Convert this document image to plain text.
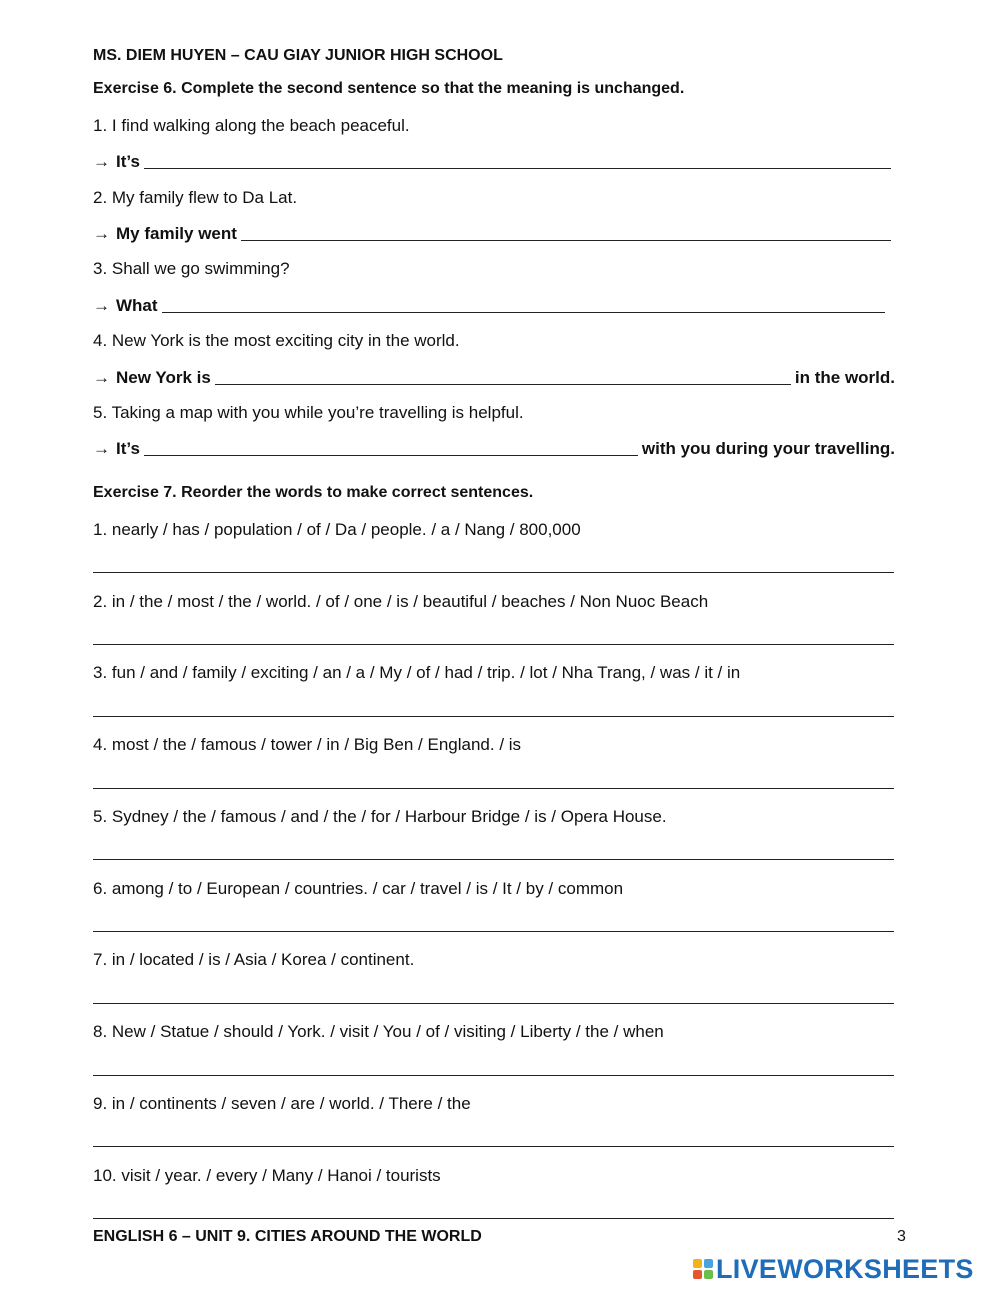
MS. DIEM HUYEN – CAU GIAY JUNIOR HIGH SCHOOL
Exercise 6. Complete the second sentence so that the meaning is unchanged.
1. I find walking along the beach peaceful.
→ It’s
2. My family flew to Da Lat.
→ My family went
3. Shall we go swimming?
→ What
4. New York is the most exciting city in the world.
→ New York is	in the world.
5. Taking a map with you while you’re travelling is helpful.
→ It’s	with you during your travelling.
Exercise 7. Reorder the words to make correct sentences.
1. nearly / has / population / of / Da / people. / a / Nang / 800,000
2. in / the / most / the / world. / of / one / is / beautiful / beaches / Non Nuoc Beach
3. fun / and / family / exciting / an / a / My / of / had / trip. / lot / Nha Trang, / was / it / in
4. most / the / famous / tower / in / Big Ben / England. / is
5. Sydney / the / famous / and / the / for / Harbour Bridge / is / Opera House.
6. among / to / European / countries. / car / travel / is / It / by / common
7. in / located / is / Asia / Korea / continent.
8. New / Statue / should / York. / visit / You / of / visiting / Liberty / the / when
9. in / continents / seven / are / world. / There / the
10. visit / year. / every / Many / Hanoi / tourists
ENGLISH 6 – UNIT 9. CITIES AROUND THE WORLD	3
LIVEWORKSHEETS
